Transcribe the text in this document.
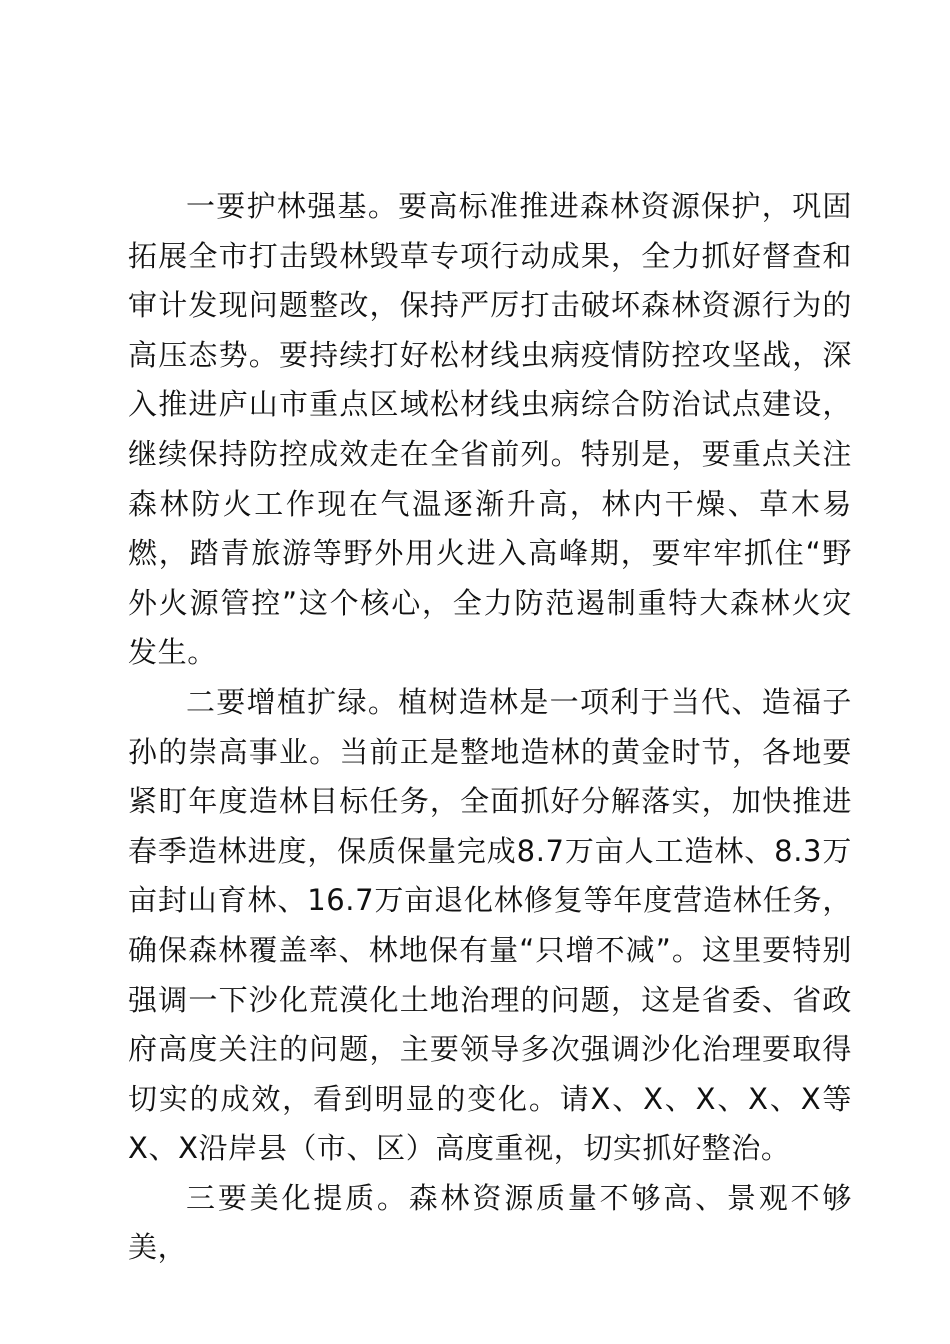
一要护林强基。要高标准推进森林资源保护，巩固拓展全市打击毁林毁草专项行动成果，全力抓好督查和审计发现问题整改，保持严厉打击破坏森林资源行为的高压态势。要持续打好松材线虫病疫情防控攻坚战，深入推进庐山市重点区域松材线虫病综合防治试点建设，继续保持防控成效走在全省前列。特别是，要重点关注森林防火工作现在气温逐渐升高，林内干燥、草木易燃，踏青旅游等野外用火进入高峰期，要牢牢抓住“野外火源管控”这个核心，全力防范遏制重特大森林火灾发生。

二要增植扩绿。植树造林是一项利于当代、造福子孙的崇高事业。当前正是整地造林的黄金时节，各地要紧盯年度造林目标任务，全面抓好分解落实，加快推进春季造林进度，保质保量完成8.7万亩人工造林、8.3万亩封山育林、16.7万亩退化林修复等年度营造林任务，确保森林覆盖率、林地保有量“只增不减”。这里要特别强调一下沙化荒漠化土地治理的问题，这是省委、省政府高度关注的问题，主要领导多次强调沙化治理要取得切实的成效，看到明显的变化。请X、X、X、X、X等X、X沿岸县（市、区）高度重视，切实抓好整治。

三要美化提质。森林资源质量不够高、景观不够美，
